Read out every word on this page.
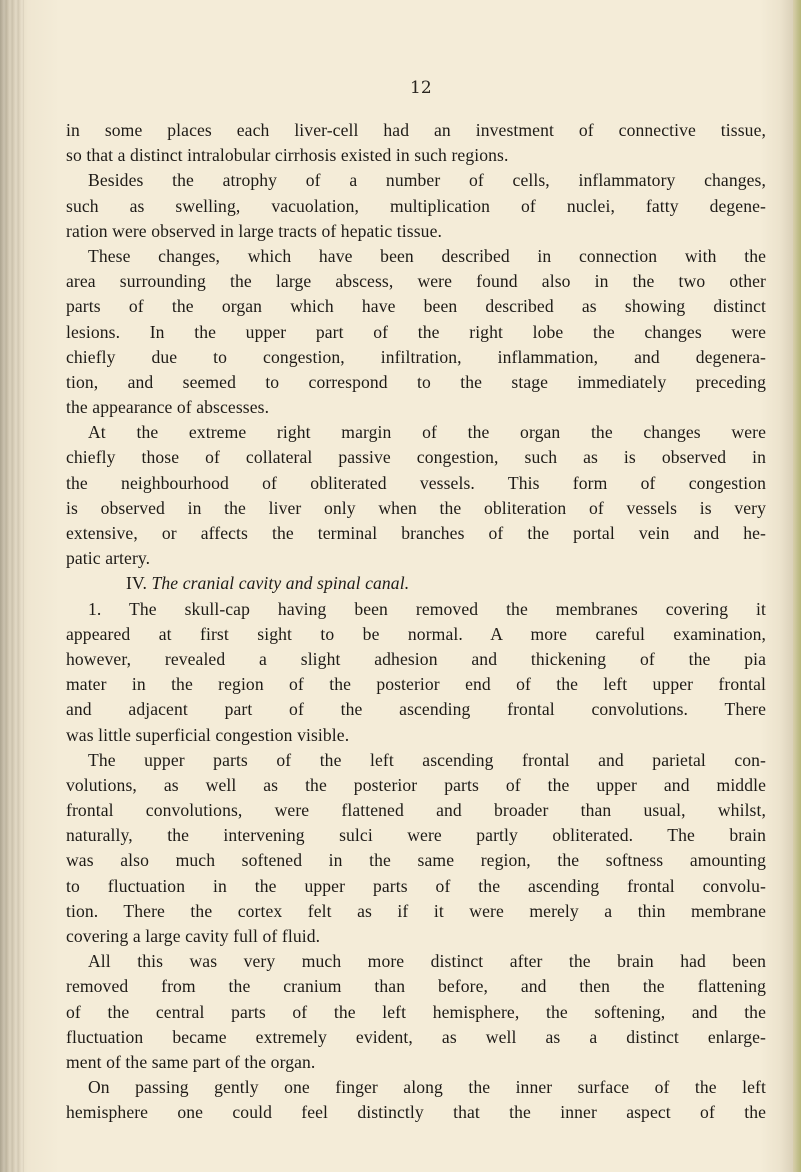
12
in some places each liver-cell had an investment of connective tissue,
so that a distinct intralobular cirrhosis existed in such regions.
Besides the atrophy of a number of cells, inflammatory changes,
such as swelling, vacuolation, multiplication of nuclei, fatty degene-
ration were observed in large tracts of hepatic tissue.
These changes, which have been described in connection with the
area surrounding the large abscess, were found also in the two other
parts of the organ which have been described as showing distinct
lesions. In the upper part of the right lobe the changes were
chiefly due to congestion, infiltration, inflammation, and degenera-
tion, and seemed to correspond to the stage immediately preceding
the appearance of abscesses.
At the extreme right margin of the organ the changes were
chiefly those of collateral passive congestion, such as is observed in
the neighbourhood of obliterated vessels. This form of congestion
is observed in the liver only when the obliteration of vessels is very
extensive, or affects the terminal branches of the portal vein and he-
patic artery.
IV. The cranial cavity and spinal canal.
1. The skull-cap having been removed the membranes covering it
appeared at first sight to be normal. A more careful examination,
however, revealed a slight adhesion and thickening of the pia
mater in the region of the posterior end of the left upper frontal
and adjacent part of the ascending frontal convolutions. There
was little superficial congestion visible.
The upper parts of the left ascending frontal and parietal con-
volutions, as well as the posterior parts of the upper and middle
frontal convolutions, were flattened and broader than usual, whilst,
naturally, the intervening sulci were partly obliterated. The brain
was also much softened in the same region, the softness amounting
to fluctuation in the upper parts of the ascending frontal convolu-
tion. There the cortex felt as if it were merely a thin membrane
covering a large cavity full of fluid.
All this was very much more distinct after the brain had been
removed from the cranium than before, and then the flattening
of the central parts of the left hemisphere, the softening, and the
fluctuation became extremely evident, as well as a distinct enlarge-
ment of the same part of the organ.
On passing gently one finger along the inner surface of the left
hemisphere one could feel distinctly that the inner aspect of the
